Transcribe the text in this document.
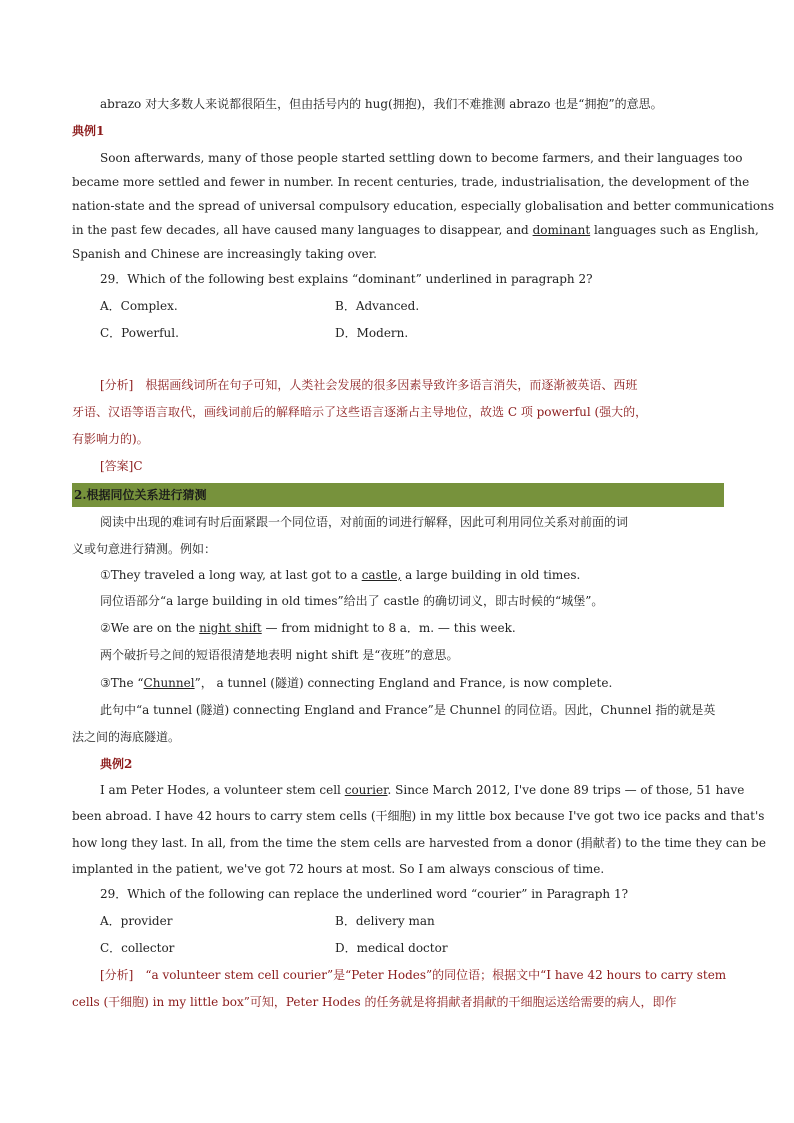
abrazo 对大多数人来说都很陌生，但由括号内的 hug(拥抱)，我们不难推测 abrazo 也是“拥抱”的意思。
典例1
Soon afterwards, many of those people started settling down to become farmers, and their languages too
became more settled and fewer in number. In recent centuries, trade, industrialisation, the development of the
nation-state and the spread of universal compulsory education, especially globalisation and better communications
in the past few decades, all have caused many languages to disappear, and dominant languages such as English,
Spanish and Chinese are increasingly taking over.
29．Which of the following best explains “dominant” underlined in paragraph 2?
A．Complex.	B．Advanced.
C．Powerful.	D．Modern.
[分析]　根据画线词所在句子可知，人类社会发展的很多因素导致许多语言消失，而逐渐被英语、西班
牙语、汉语等语言取代，画线词前后的解释暗示了这些语言逐渐占主导地位，故选 C 项 powerful (强大的，
有影响力的)。
[答案]C
2.根据同位关系进行猜测
阅读中出现的难词有时后面紧跟一个同位语，对前面的词进行解释，因此可利用同位关系对前面的词
义或句意进行猜测。例如：
①They traveled a long way, at last got to a castle, a large building in old times.
同位语部分“a large building in old times”给出了 castle 的确切词义，即古时候的“城堡”。
②We are on the night shift — from midnight to 8 a．m. — this week.
两个破折号之间的短语很清楚地表明 night shift 是“夜班”的意思。
③The “Chunnel”， a tunnel (隧道) connecting England and France, is now complete.
此句中“a tunnel (隧道) connecting England and France”是 Chunnel 的同位语。因此，Chunnel 指的就是英
法之间的海底隧道。
典例2
I am Peter Hodes, a volunteer stem cell courier. Since March 2012, I've done 89 trips — of those, 51 have
been abroad. I have 42 hours to carry stem cells (干细胞) in my little box because I've got two ice packs and that's
how long they last. In all, from the time the stem cells are harvested from a donor (捐献者) to the time they can be
implanted in the patient, we've got 72 hours at most. So I am always conscious of time.
29．Which of the following can replace the underlined word “courier” in Paragraph 1?
A．provider	B．delivery man
C．collector	D．medical doctor
[分析]　“a volunteer stem cell courier”是“Peter Hodes”的同位语；根据文中“I have 42 hours to carry stem
cells (干细胞) in my little box”可知，Peter Hodes 的任务就是将捐献者捐献的干细胞运送给需要的病人，即作
